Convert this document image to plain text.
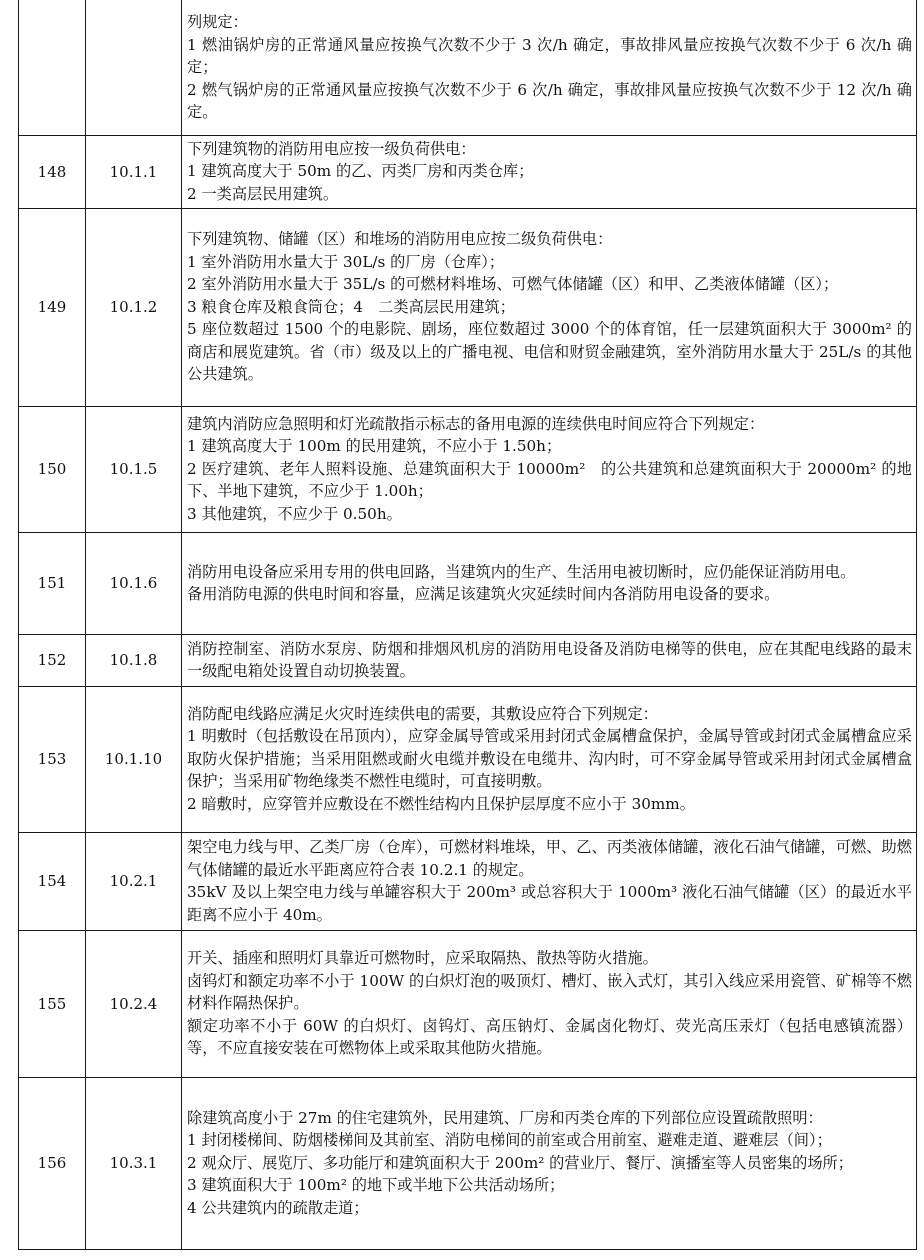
		列规定：
1 燃油锅炉房的正常通风量应按换气次数不少于 3 次/h 确定，事故排风量应按换气次数不少于 6 次/h 确定；
2 燃气锅炉房的正常通风量应按换气次数不少于 6 次/h 确定，事故排风量应按换气次数不少于 12 次/h 确定。

148	10.1.1	下列建筑物的消防用电应按一级负荷供电：
1 建筑高度大于 50m 的乙、丙类厂房和丙类仓库；
2 一类高层民用建筑。

149	10.1.2	下列建筑物、储罐（区）和堆场的消防用电应按二级负荷供电：
1 室外消防用水量大于 30L/s 的厂房（仓库）；
2 室外消防用水量大于 35L/s 的可燃材料堆场、可燃气体储罐（区）和甲、乙类液体储罐（区）；
3 粮食仓库及粮食筒仓；4　二类高层民用建筑；
5 座位数超过 1500 个的电影院、剧场，座位数超过 3000 个的体育馆，任一层建筑面积大于 3000m² 的商店和展览建筑。省（市）级及以上的广播电视、电信和财贸金融建筑，室外消防用水量大于 25L/s 的其他公共建筑。

150	10.1.5	建筑内消防应急照明和灯光疏散指示标志的备用电源的连续供电时间应符合下列规定：
1 建筑高度大于 100m 的民用建筑，不应小于 1.50h；
2 医疗建筑、老年人照料设施、总建筑面积大于 10000m²　的公共建筑和总建筑面积大于 20000m² 的地下、半地下建筑，不应少于 1.00h；
3 其他建筑，不应少于 0.50h。

151	10.1.6	消防用电设备应采用专用的供电回路，当建筑内的生产、生活用电被切断时，应仍能保证消防用电。
备用消防电源的供电时间和容量，应满足该建筑火灾延续时间内各消防用电设备的要求。

152	10.1.8	消防控制室、消防水泵房、防烟和排烟风机房的消防用电设备及消防电梯等的供电，应在其配电线路的最末一级配电箱处设置自动切换装置。

153	10.1.10	消防配电线路应满足火灾时连续供电的需要，其敷设应符合下列规定：
1 明敷时（包括敷设在吊顶内），应穿金属导管或采用封闭式金属槽盒保护，金属导管或封闭式金属槽盒应采取防火保护措施；当采用阻燃或耐火电缆并敷设在电缆井、沟内时，可不穿金属导管或采用封闭式金属槽盒保护；当采用矿物绝缘类不燃性电缆时，可直接明敷。
2 暗敷时，应穿管并应敷设在不燃性结构内且保护层厚度不应小于 30mm。

154	10.2.1	架空电力线与甲、乙类厂房（仓库），可燃材料堆垛，甲、乙、丙类液体储罐，液化石油气储罐，可燃、助燃气体储罐的最近水平距离应符合表 10.2.1 的规定。
35kV 及以上架空电力线与单罐容积大于 200m³ 或总容积大于 1000m³ 液化石油气储罐（区）的最近水平距离不应小于 40m。

155	10.2.4	开关、插座和照明灯具靠近可燃物时，应采取隔热、散热等防火措施。
卤钨灯和额定功率不小于 100W 的白炽灯泡的吸顶灯、槽灯、嵌入式灯，其引入线应采用瓷管、矿棉等不燃材料作隔热保护。
额定功率不小于 60W 的白炽灯、卤钨灯、高压钠灯、金属卤化物灯、荧光高压汞灯（包括电感镇流器）等，不应直接安装在可燃物体上或采取其他防火措施。

156	10.3.1	除建筑高度小于 27m 的住宅建筑外，民用建筑、厂房和丙类仓库的下列部位应设置疏散照明：
1 封闭楼梯间、防烟楼梯间及其前室、消防电梯间的前室或合用前室、避难走道、避难层（间）；
2 观众厅、展览厅、多功能厅和建筑面积大于 200m² 的营业厅、餐厅、演播室等人员密集的场所；
3 建筑面积大于 100m² 的地下或半地下公共活动场所；
4 公共建筑内的疏散走道；
